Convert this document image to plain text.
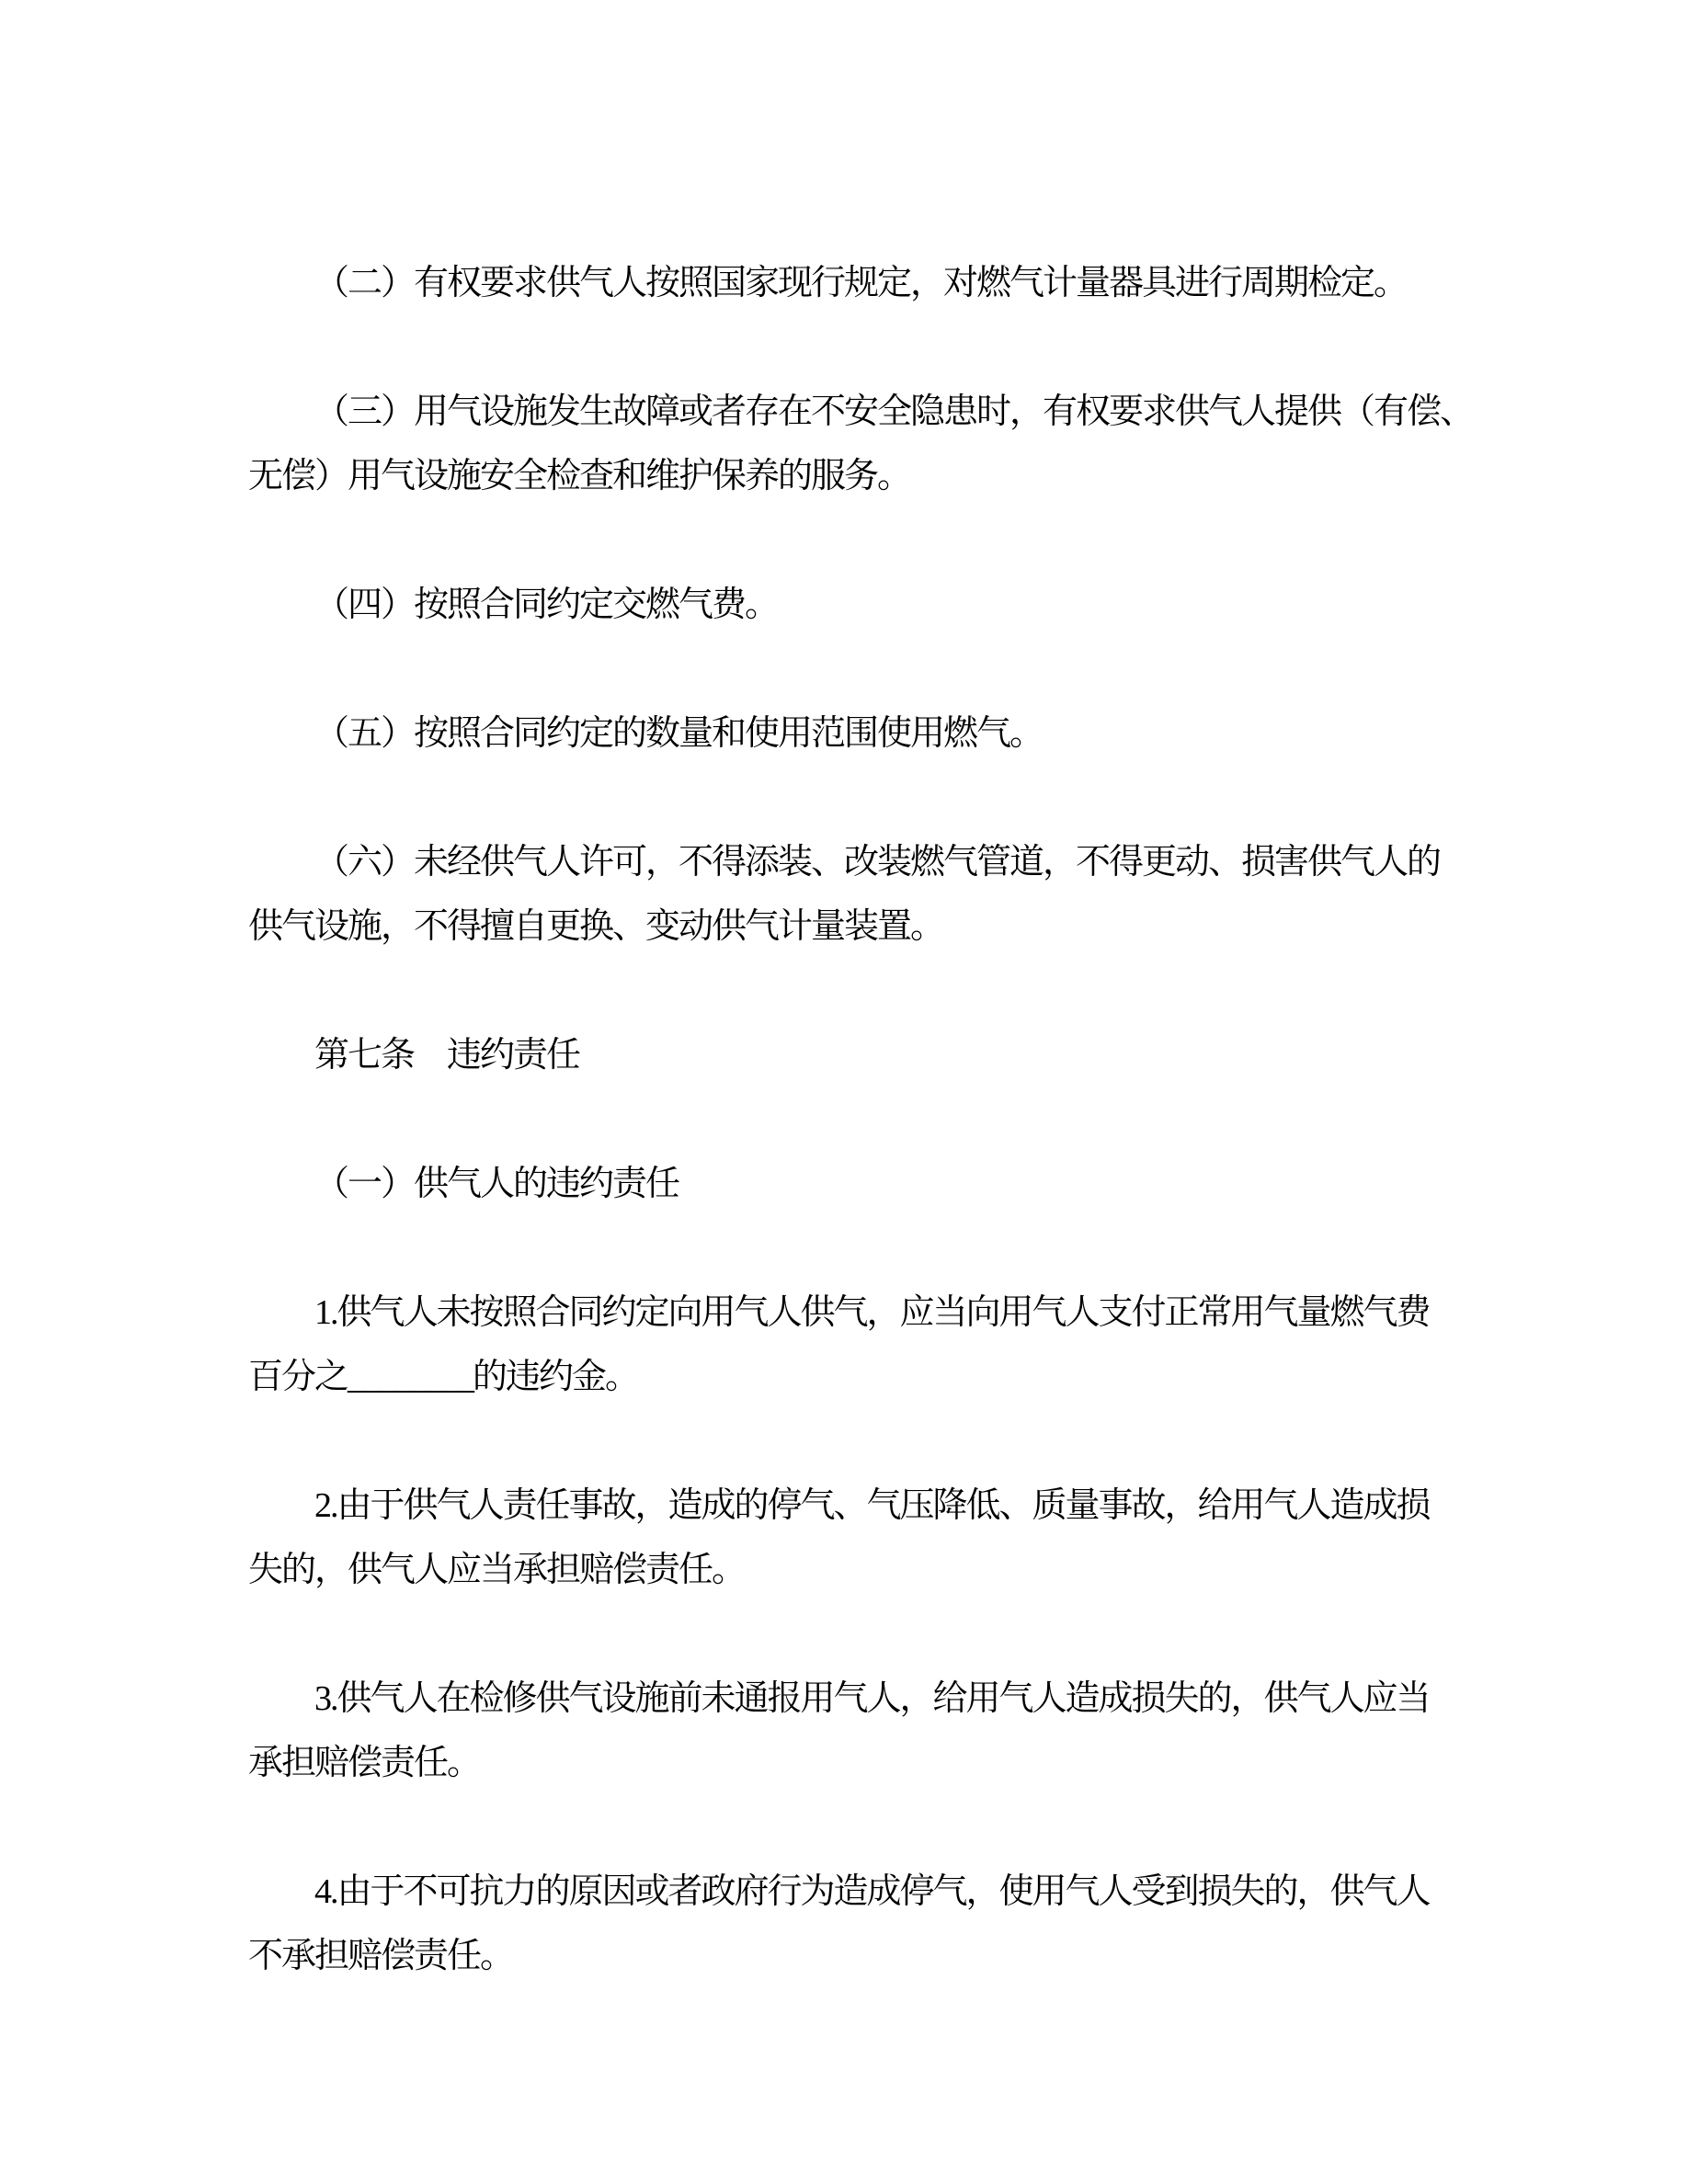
（二）有权要求供气人按照国家现行规定，对燃气计量器具进行周期检定。
（三）用气设施发生故障或者存在不安全隐患时，有权要求供气人提供（有偿、
无偿）用气设施安全检查和维护保养的服务。
（四）按照合同约定交燃气费。
（五）按照合同约定的数量和使用范围使用燃气。
（六）未经供气人许可，不得添装、改装燃气管道，不得更动、损害供气人的
供气设施，不得擅自更换、变动供气计量装置。
第七条　违约责任
（一）供气人的违约责任
1.供气人未按照合同约定向用气人供气，应当向用气人支付正常用气量燃气费
百分之________的违约金。
2.由于供气人责任事故，造成的停气、气压降低、质量事故，给用气人造成损
失的，供气人应当承担赔偿责任。
3.供气人在检修供气设施前未通报用气人，给用气人造成损失的，供气人应当
承担赔偿责任。
4.由于不可抗力的原因或者政府行为造成停气，使用气人受到损失的，供气人
不承担赔偿责任。
